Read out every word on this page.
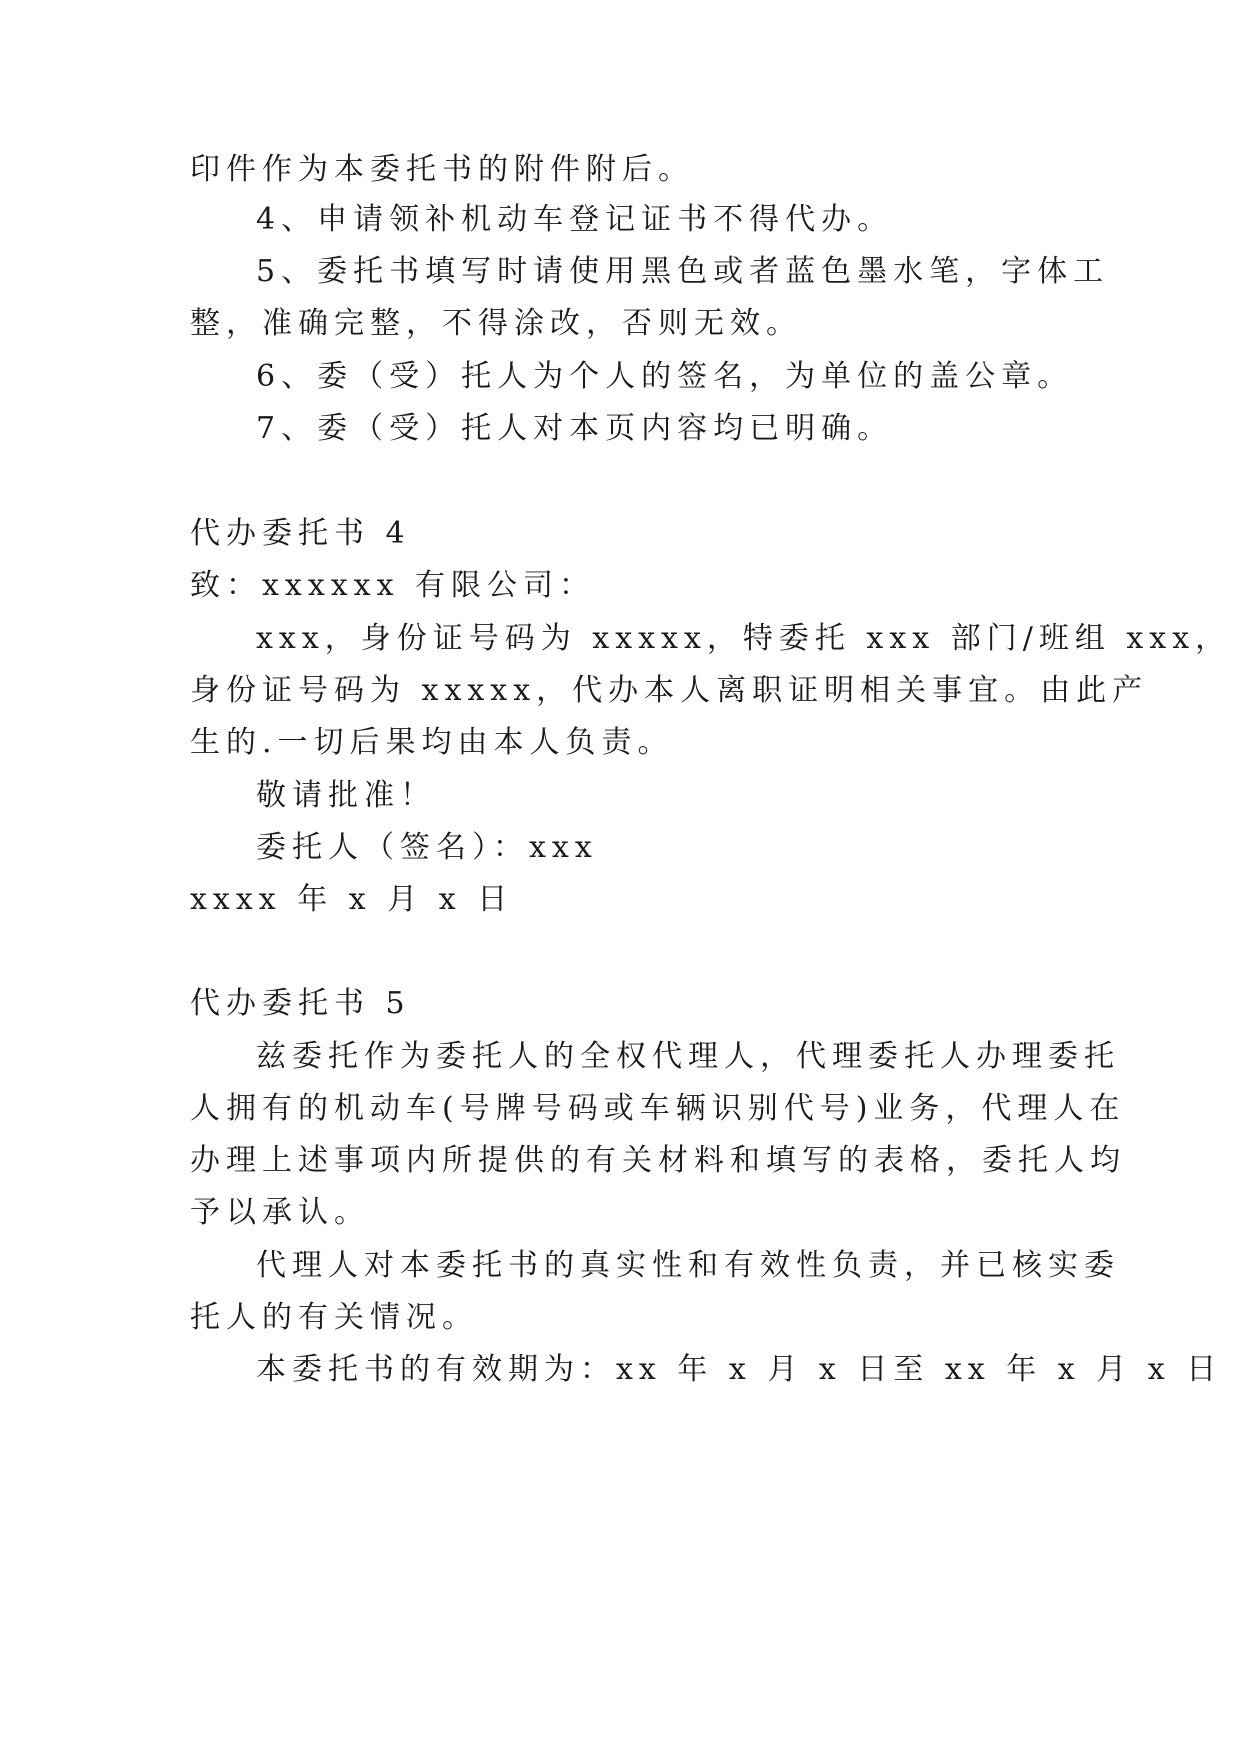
印件作为本委托书的附件附后。
4、申请领补机动车登记证书不得代办。
5、委托书填写时请使用黑色或者蓝色墨水笔，字体工
整，准确完整，不得涂改，否则无效。
6、委（受）托人为个人的签名，为单位的盖公章。
7、委（受）托人对本页内容均已明确。
代办委托书 4
致：xxxxxx 有限公司：
xxx，身份证号码为 xxxxx，特委托 xxx 部门/班组 xxx，
身份证号码为 xxxxx，代办本人离职证明相关事宜。由此产
生的.一切后果均由本人负责。
敬请批准！
委托人（签名）：xxx
xxxx 年 x 月 x 日
代办委托书 5
兹委托作为委托人的全权代理人，代理委托人办理委托
人拥有的机动车(号牌号码或车辆识别代号)业务，代理人在
办理上述事项内所提供的有关材料和填写的表格，委托人均
予以承认。
代理人对本委托书的真实性和有效性负责，并已核实委
托人的有关情况。
本委托书的有效期为：xx 年 x 月 x 日至 xx 年 x 月 x 日
